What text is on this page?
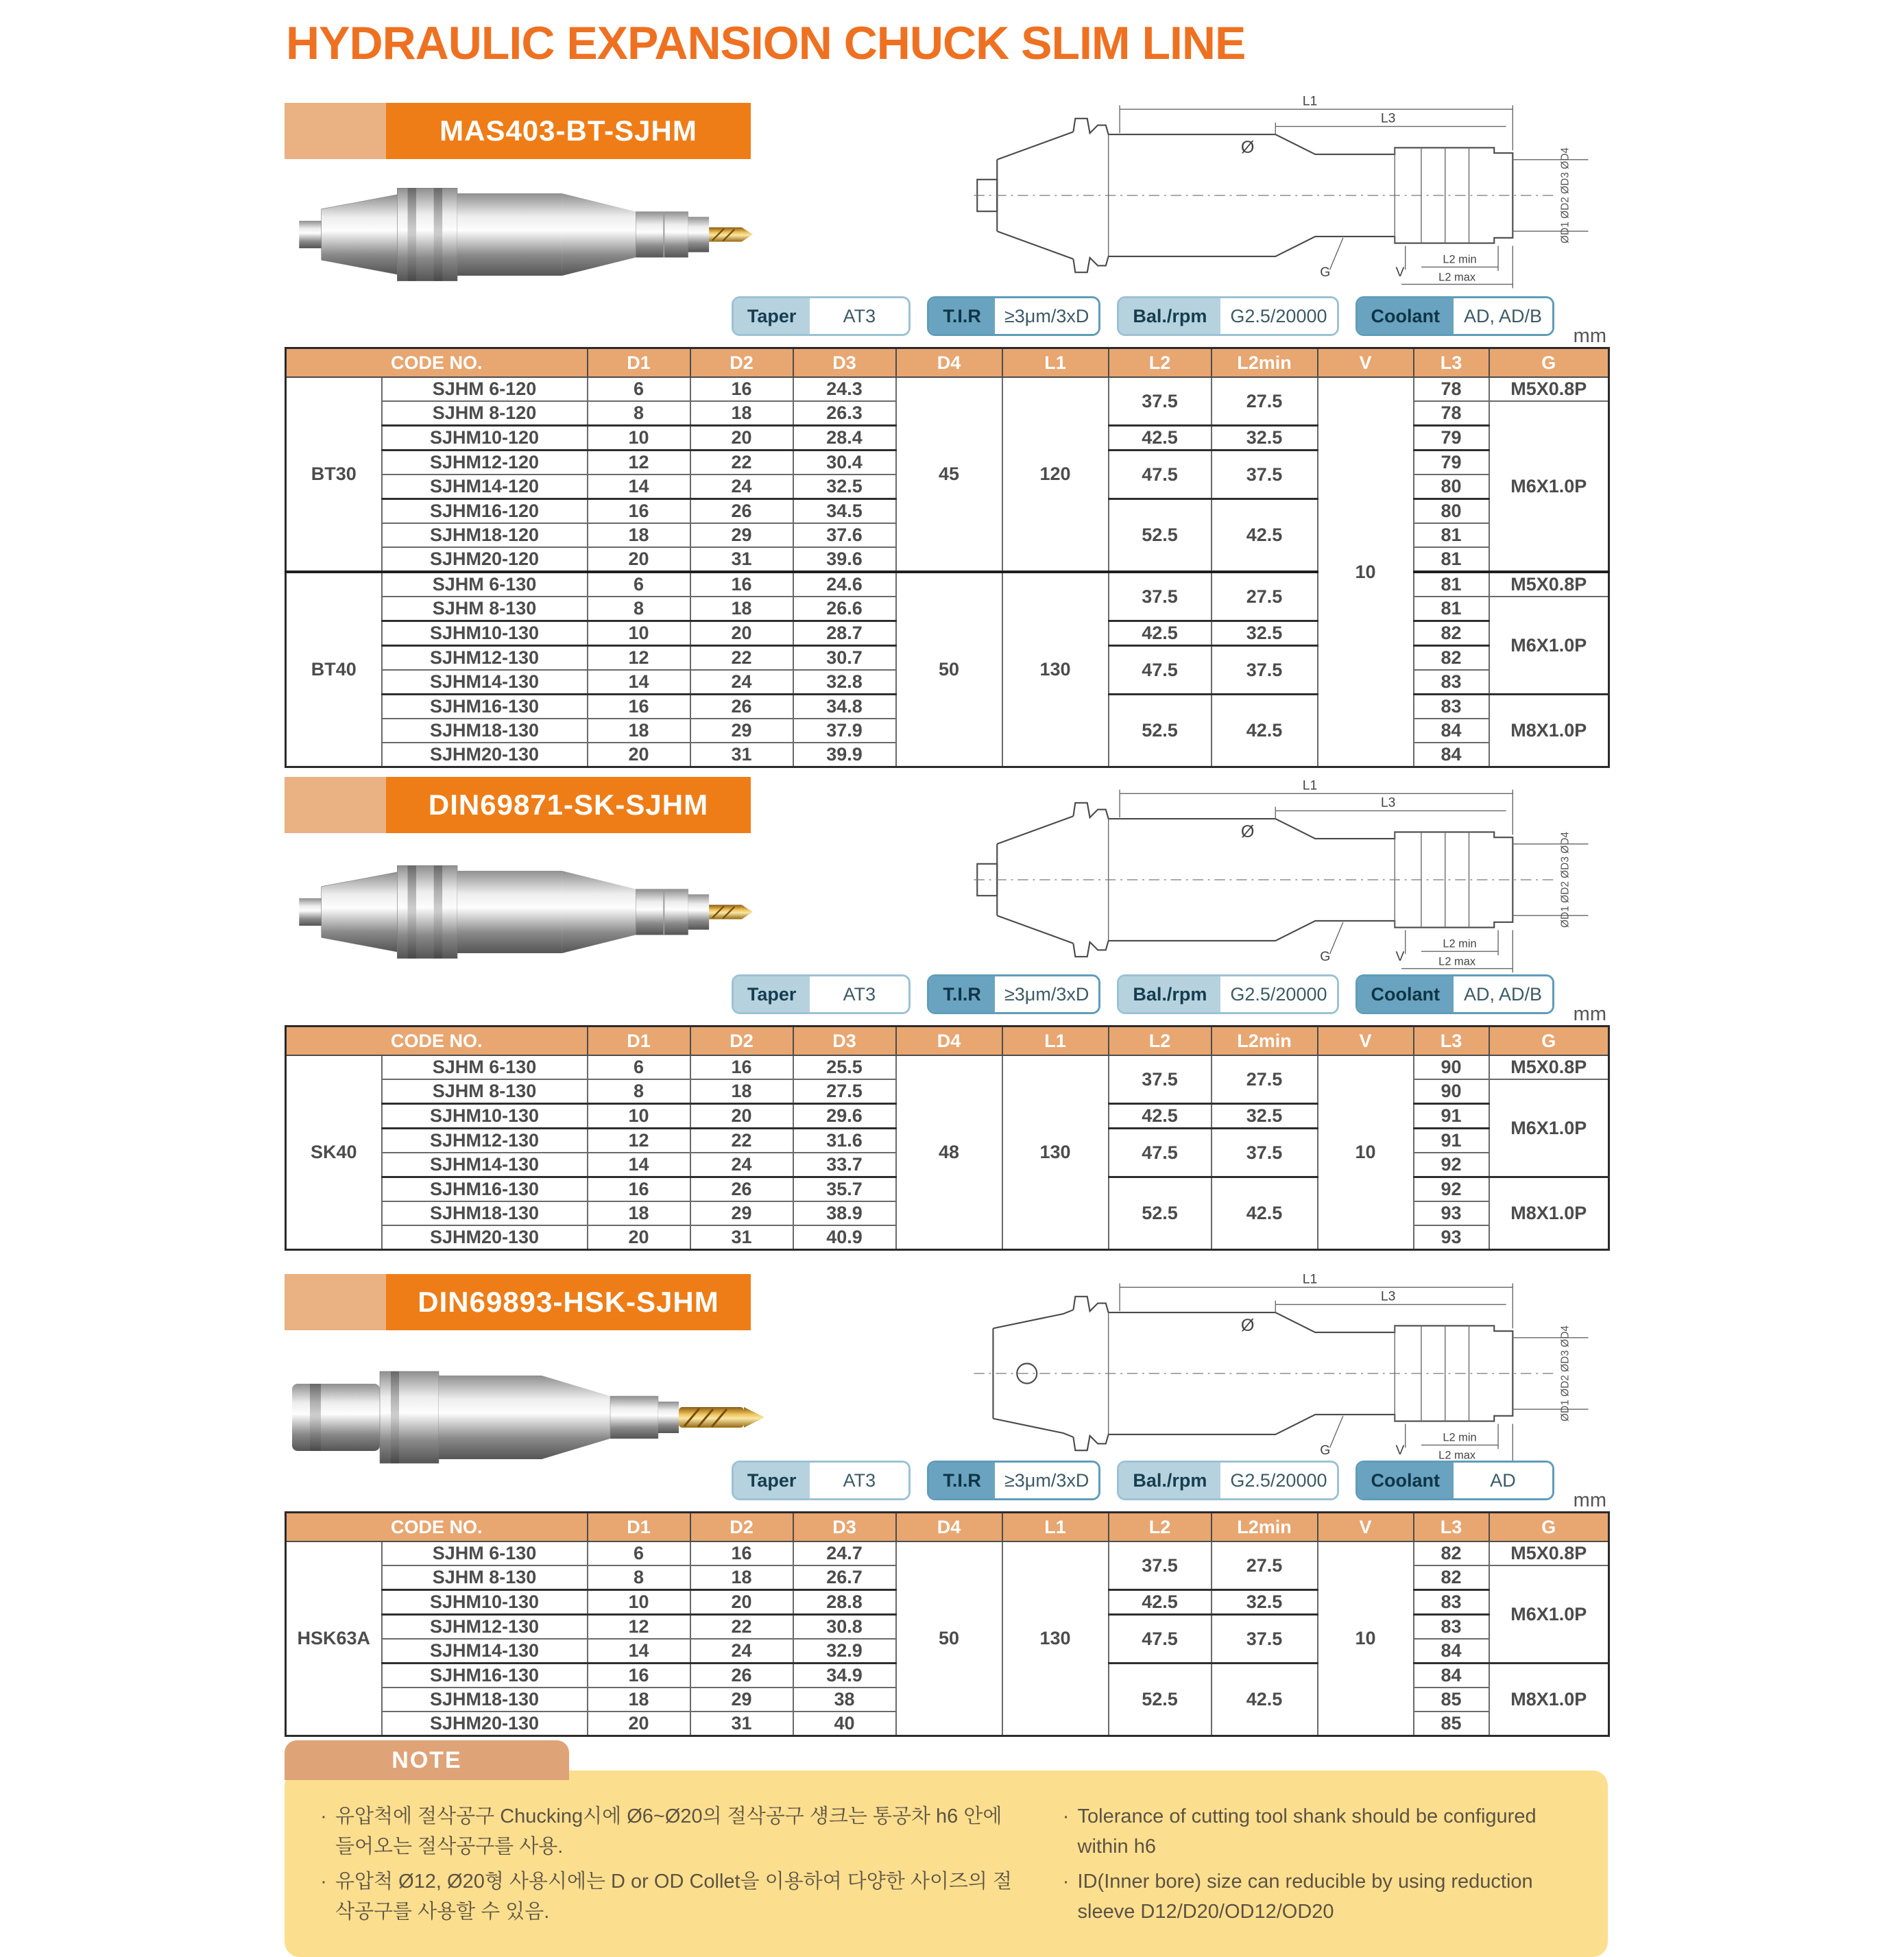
HYDRAULIC EXPANSION CHUCK SLIM LINE
MAS403-BT-SJHM
L1
L3
Ø	ØD1 ØD2 ØD3 ØD4
G	V
L2 min
L2 max
Taper	AT3	T.I.R	≥3μm/3xD	Bal./rpm	G2.5/20000	Coolant	AD, AD/B
mm
CODE NO.		D1	D2	D3	D4	L1	L2	L2min	V	L3	G
BT30	SJHM 6-120	6	16	24.3	45	120	37.5	27.5	10	78	M5X0.8P
	SJHM 8-120	8	18	26.3						78	M6X1.0P
	SJHM10-120	10	20	28.4			42.5	32.5		79	
	SJHM12-120	12	22	30.4			47.5	37.5		79	
	SJHM14-120	14	24	32.5						80	
	SJHM16-120	16	26	34.5			52.5	42.5		80	
	SJHM18-120	18	29	37.6						81	
	SJHM20-120	20	31	39.6						81	
BT40	SJHM 6-130	6	16	24.6	50	130	37.5	27.5		81	M5X0.8P
	SJHM 8-130	8	18	26.6						81	M6X1.0P
	SJHM10-130	10	20	28.7			42.5	32.5		82	
	SJHM12-130	12	22	30.7			47.5	37.5		82	
	SJHM14-130	14	24	32.8						83	
	SJHM16-130	16	26	34.8			52.5	42.5		83	M8X1.0P
	SJHM18-130	18	29	37.9						84	
	SJHM20-130	20	31	39.9						84	
DIN69871-SK-SJHM
L1
L3
Ø	ØD1 ØD2 ØD3 ØD4
G	V
L2 min
L2 max
Taper	AT3	T.I.R	≥3μm/3xD	Bal./rpm	G2.5/20000	Coolant	AD, AD/B
mm
CODE NO.		D1	D2	D3	D4	L1	L2	L2min	V	L3	G
SK40	SJHM 6-130	6	16	25.5	48	130	37.5	27.5	10	90	M5X0.8P
	SJHM 8-130	8	18	27.5						90	M6X1.0P
	SJHM10-130	10	20	29.6			42.5	32.5		91	
	SJHM12-130	12	22	31.6			47.5	37.5		91	
	SJHM14-130	14	24	33.7						92	
	SJHM16-130	16	26	35.7			52.5	42.5		92	M8X1.0P
	SJHM18-130	18	29	38.9						93	
	SJHM20-130	20	31	40.9						93	
DIN69893-HSK-SJHM
L1
L3
Ø	ØD1 ØD2 ØD3 ØD4
G	V
L2 min
L2 max
Taper	AT3	T.I.R	≥3μm/3xD	Bal./rpm	G2.5/20000	Coolant	AD
mm
CODE NO.		D1	D2	D3	D4	L1	L2	L2min	V	L3	G
HSK63A	SJHM 6-130	6	16	24.7	50	130	37.5	27.5	10	82	M5X0.8P
	SJHM 8-130	8	18	26.7						82	M6X1.0P
	SJHM10-130	10	20	28.8			42.5	32.5		83	
	SJHM12-130	12	22	30.8			47.5	37.5		83	
	SJHM14-130	14	24	32.9						84	
	SJHM16-130	16	26	34.9			52.5	42.5		84	M8X1.0P
	SJHM18-130	18	29	38						85	
	SJHM20-130	20	31	40						85	
NOTE
· 유압척에 절삭공구 Chucking시에 Ø6~Ø20의 절삭공구 섕크는 통공차 h6 안에 들어오는 절삭공구를 사용.
· 유압척 Ø12, Ø20형 사용시에는 D or OD Collet을 이용하여 다양한 사이즈의 절삭공구를 사용할 수 있음.
· Tolerance of cutting tool shank should be configured within h6
· ID(Inner bore) size can reducible by using reduction sleeve D12/D20/OD12/OD20
